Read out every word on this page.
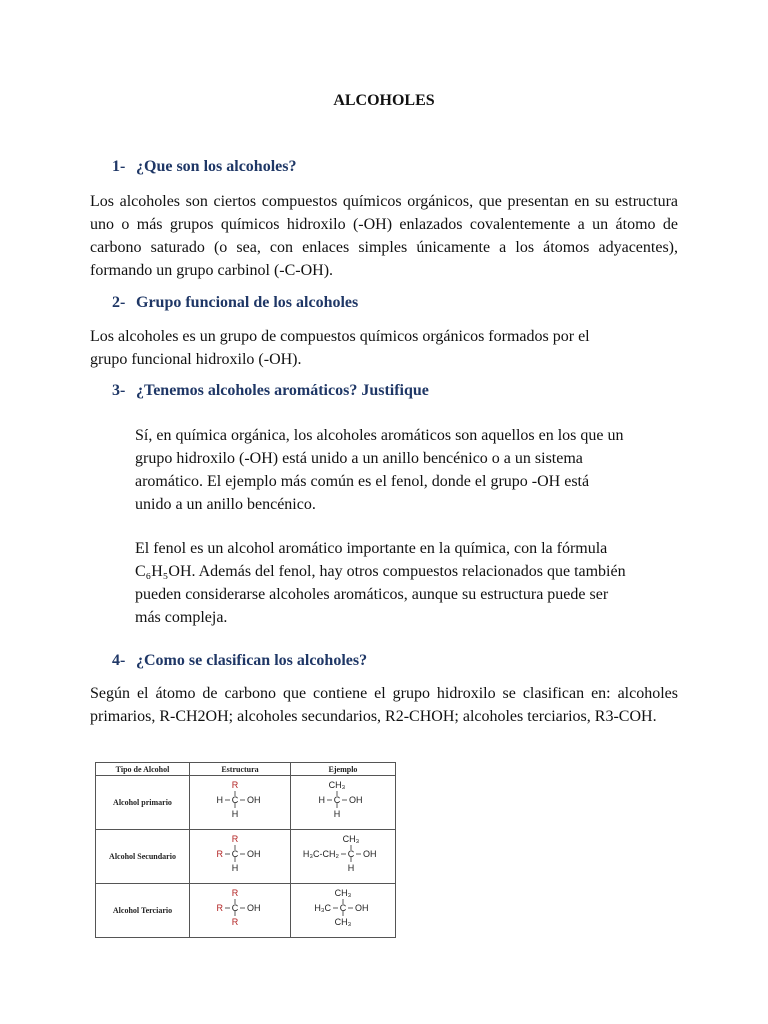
ALCOHOLES
1- ¿Que son los alcoholes?

Los alcoholes son ciertos compuestos químicos orgánicos, que presentan en su estructura uno o más grupos químicos hidroxilo (-OH) enlazados covalentemente a un átomo de carbono saturado (o sea, con enlaces simples únicamente a los átomos adyacentes), formando un grupo carbinol (-C-OH).

2- Grupo funcional de los alcoholes

Los alcoholes es un grupo de compuestos químicos orgánicos formados por el
grupo funcional hidroxilo (-OH).

3- ¿Tenemos alcoholes aromáticos? Justifique

Sí, en química orgánica, los alcoholes aromáticos son aquellos en los que un
grupo hidroxilo (-OH) está unido a un anillo bencénico o a un sistema
aromático. El ejemplo más común es el fenol, donde el grupo -OH está
unido a un anillo bencénico.

El fenol es un alcohol aromático importante en la química, con la fórmula
C₆H₅OH. Además del fenol, hay otros compuestos relacionados que también
pueden considerarse alcoholes aromáticos, aunque su estructura puede ser
más compleja.

4- ¿Como se clasifican los alcoholes?

Según el átomo de carbono que contiene el grupo hidroxilo se clasifican en: alcoholes primarios, R-CH2OH; alcoholes secundarios, R2-CHOH; alcoholes terciarios, R3-COH.

Tipo de Alcohol	Estructura	Ejemplo
Alcohol primario	R
C
H
H OH	CH₃
C
H
H OH

Alcohol Secundario	R
C
H
R OH	CH₃
C
H
H₃C-CH₂ OH

Alcohol Terciario	R
C
R
R OH	CH₃
C
CH₃
H₃C OH
